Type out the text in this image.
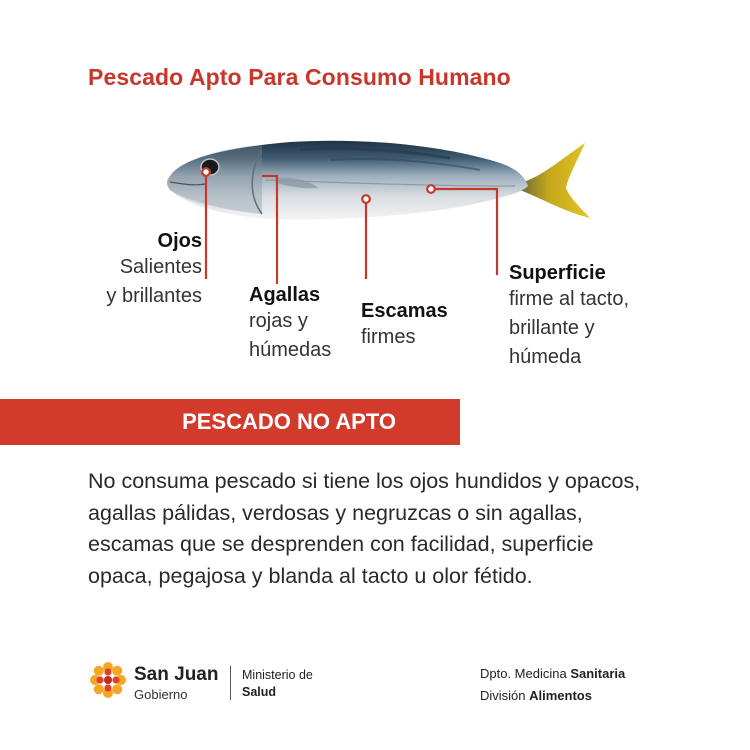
Pescado Apto Para Consumo Humano
Ojos
Salientes
y brillantes Agallas
rojas y
húmedas
Escamas
firmes
Superficie
firme al tacto,
brillante y
húmeda
PESCADO NO APTO
No consuma pescado si tiene los ojos hundidos y opacos, agallas pálidas, verdosas y negruzcas o sin agallas, escamas que se desprenden con facilidad, superficie opaca, pegajosa y blanda al tacto u olor fétido.
San Juan
Gobierno
Ministerio de
Salud
Dpto. Medicina Sanitaria
División Alimentos
